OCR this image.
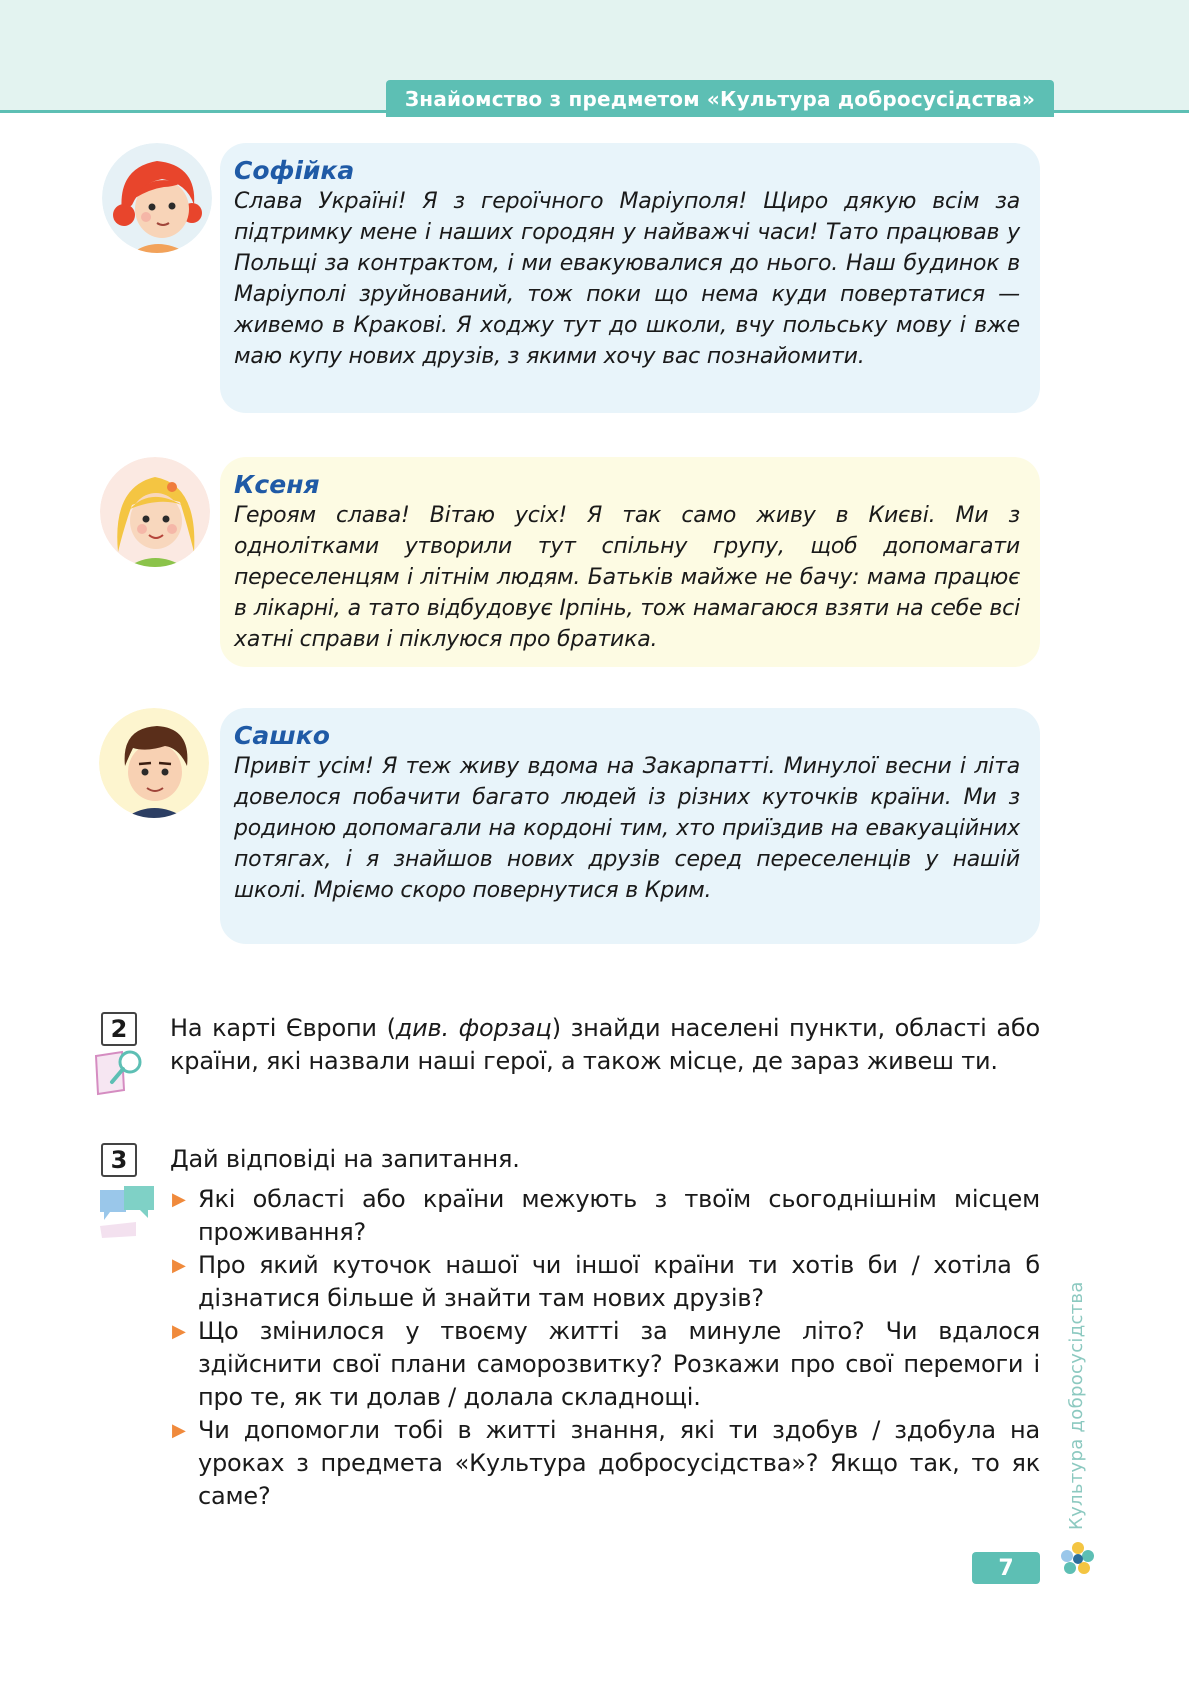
Знайомство з предметом «Культура добросусідства»
Софійка
Слава Україні! Я з героїчного Маріуполя! Щиро дякую всім за підтримку мене і наших городян у найважчі часи! Тато працював у Польщі за контрактом, і ми евакуювалися до нього. Наш будинок в Маріуполі зруйнований, тож поки що нема куди повертатися — живемо в Кракові. Я ходжу тут до школи, вчу польську мову і вже маю купу нових друзів, з якими хочу вас познайомити.
Ксеня
Героям слава! Вітаю усіх! Я так само живу в Києві. Ми з однолітками утворили тут спільну групу, щоб допомагати переселенцям і літнім людям. Батьків майже не бачу: мама працює в лікарні, а тато відбудовує Ірпінь, тож намагаюся взяти на себе всі хатні справи і піклуюся про братика.
Сашко
Привіт усім! Я теж живу вдома на Закарпатті. Минулої весни і літа довелося побачити багато людей із різних куточків країни. Ми з родиною допомагали на кордоні тим, хто приїздив на евакуаційних потягах, і я знайшов нових друзів серед переселенців у нашій школі. Мріємо скоро повернутися в Крим.
2	На карті Європи (див. форзац) знайди населені пункти, області або країни, які назвали наші герої, а також місце, де зараз живеш ти.
3	Дай відповіді на запитання.
▶ Які області або країни межують з твоїм сьогоднішнім місцем проживання?
▶ Про який куточок нашої чи іншої країни ти хотів би / хотіла б дізнатися більше й знайти там нових друзів?
▶ Що змінилося у твоєму житті за минуле літо? Чи вдалося здійснити свої плани саморозвитку? Розкажи про свої перемоги і про те, як ти долав / долала складнощі.
▶ Чи допомогли тобі в житті знання, які ти здобув / здобула на уроках з предмета «Культура добросусідства»? Якщо так, то як саме?	Культура добросусідства
7
